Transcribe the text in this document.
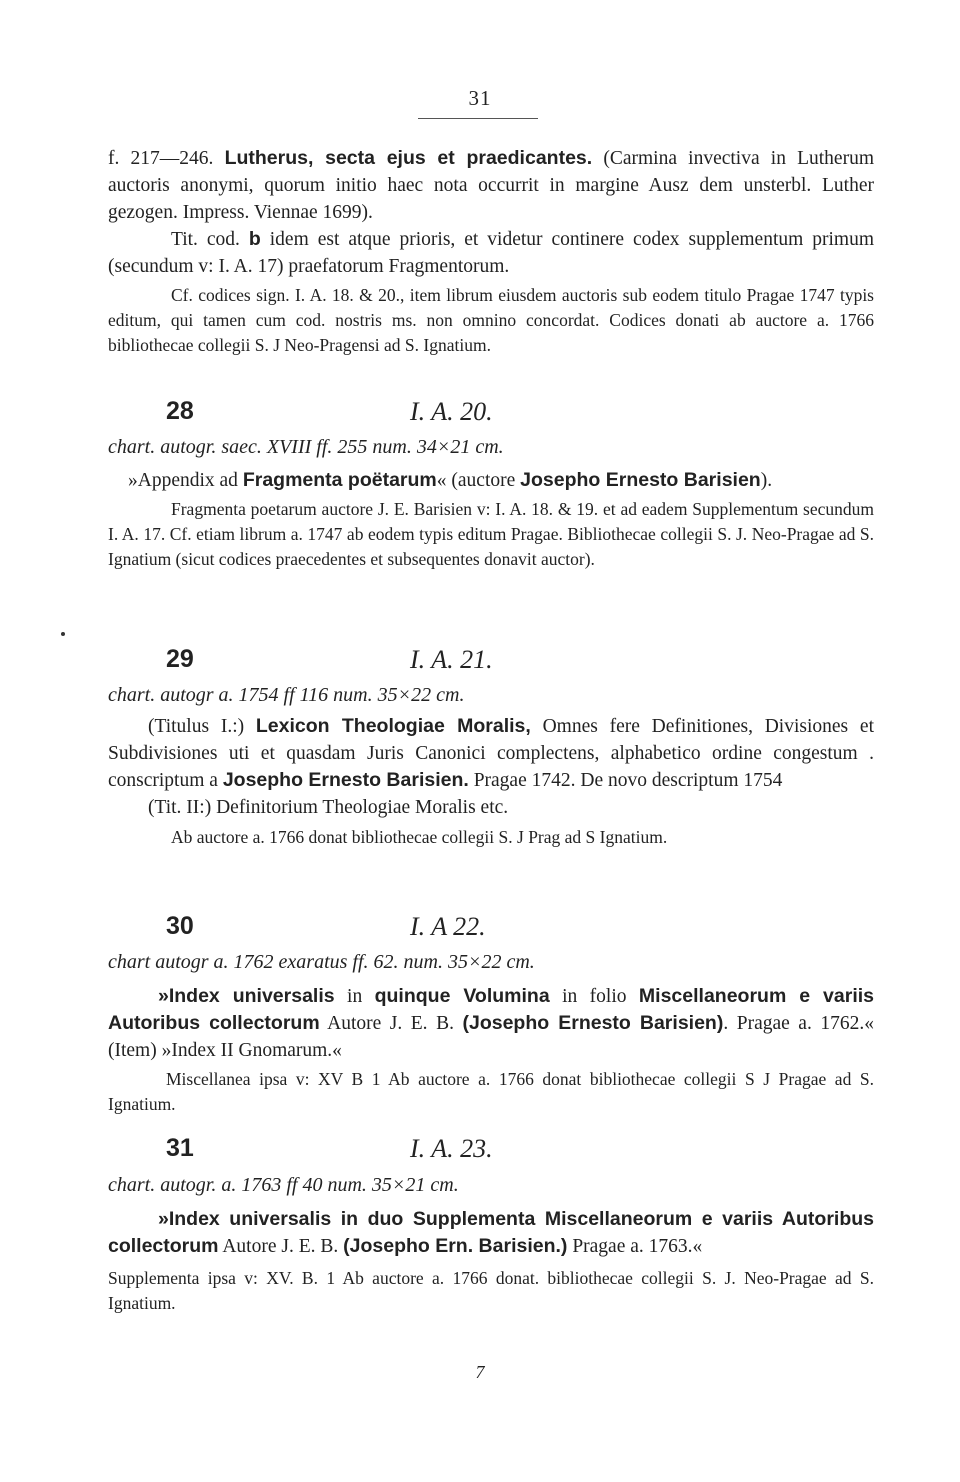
31

f. 217—246. Lutherus, secta ejus et praedicantes. (Carmina invectiva in Lutherum auctoris anonymi, quorum initio haec nota occurrit in margine Ausz dem unsterbl. Luther gezogen. Impress. Viennae 1699).

Tit. cod. b idem est atque prioris, et videtur continere codex supplementum primum (secundum v: I. A. 17) praefatorum Fragmentorum.

Cf. codices sign. I. A. 18. & 20., item librum eiusdem auctoris sub eodem titulo Pragae 1747 typis editum, qui tamen cum cod. nostris ms. non omnino concordat. Codices donati ab auctore a. 1766 bibliothecae collegii S. J Neo-Pragensi ad S. Ignatium.

28	I. A. 20.
chart. autogr. saec. XVIII ff. 255 num. 34×21 cm.

»Appendix ad Fragmenta poëtarum« (auctore Josepho Ernesto Barisien).

Fragmenta poetarum auctore J. E. Barisien v: I. A. 18. & 19. et ad eadem Supplementum secundum I. A. 17. Cf. etiam librum a. 1747 ab eodem typis editum Pragae. Bibliothecae collegii S. J. Neo-Pragae ad S. Ignatium (sicut codices praecedentes et subsequentes donavit auctor).

29	I. A. 21.
chart. autogr a. 1754 ff 116 num. 35×22 cm.

(Titulus I.:) Lexicon Theologiae Moralis, Omnes fere Definitiones, Divisiones et Subdivisiones uti et quasdam Juris Canonici complectens, alphabetico ordine congestum . conscriptum a Josepho Ernesto Barisien. Pragae 1742. De novo descriptum 1754

(Tit. II:) Definitorium Theologiae Moralis etc.

Ab auctore a. 1766 donat bibliothecae collegii S. J Prag ad S Ignatium.

30	I. A 22.
chart autogr a. 1762 exaratus ff. 62. num. 35×22 cm.

»Index universalis in quinque Volumina in folio Miscellaneorum e variis Autoribus collectorum Autore J. E. B. (Josepho Ernesto Barisien). Pragae a. 1762.« (Item) »Index II Gnomarum.«

Miscellanea ipsa v: XV B 1 Ab auctore a. 1766 donat bibliothecae collegii S J Pragae ad S. Ignatium.

31	I. A. 23.
chart. autogr. a. 1763 ff 40 num. 35×21 cm.

»Index universalis in duo Supplementa Miscellaneorum e variis Autoribus collectorum Autore J. E. B. (Josepho Ern. Barisien.) Pragae a. 1763.«

Supplementa ipsa v: XV. B. 1 Ab auctore a. 1766 donat. bibliothecae collegii S. J. Neo-Pragae ad S. Ignatium.

7
